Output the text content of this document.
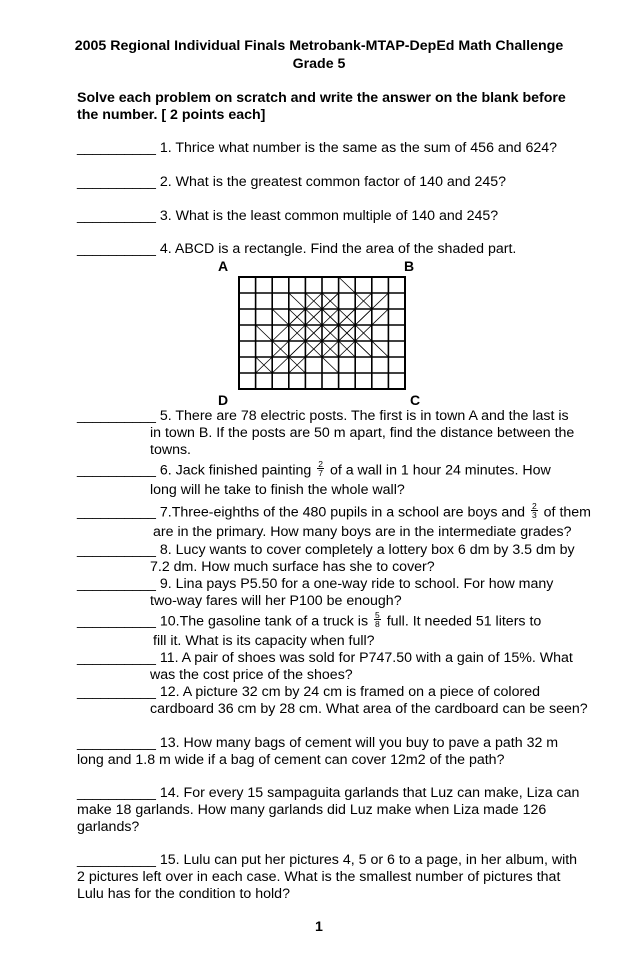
2005 Regional Individual Finals Metrobank-MTAP-DepEd Math Challenge
Grade 5
Solve each problem on scratch and write the answer on the blank before
the number. [ 2 points each]
__________ 1. Thrice what number is the same as the sum of 456 and 624?
__________ 2. What is the greatest common factor of 140 and 245?
__________ 3. What is the least common multiple of 140 and 245?
__________ 4. ABCD is a rectangle. Find the area of the shaded part.
A	B
D	C
__________ 5. There are 78 electric posts. The first is in town A and the last is
in town B. If the posts are 50 m apart, find the distance between the
towns.
__________ 6. Jack finished painting $\frac{2}{7}$ of a wall in 1 hour 24 minutes. How
long will he take to finish the whole wall?
__________ 7.Three-eighths of the 480 pupils in a school are boys and $\frac{2}{3}$ of them
are in the primary. How many boys are in the intermediate grades?
__________ 8. Lucy wants to cover completely a lottery box 6 dm by 3.5 dm by
7.2 dm. How much surface has she to cover?
__________ 9. Lina pays P5.50 for a one-way ride to school. For how many
two-way fares will her P100 be enough?
__________ 10.The gasoline tank of a truck is $\frac{5}{8}$ full. It needed 51 liters to
fill it. What is its capacity when full?
__________ 11. A pair of shoes was sold for P747.50 with a gain of 15%. What
was the cost price of the shoes?
__________ 12. A picture 32 cm by 24 cm is framed on a piece of colored
cardboard 36 cm by 28 cm. What area of the cardboard can be seen?
__________ 13. How many bags of cement will you buy to pave a path 32 m
long and 1.8 m wide if a bag of cement can cover 12m2 of the path?
__________ 14. For every 15 sampaguita garlands that Luz can make, Liza can
make 18 garlands. How many garlands did Luz make when Liza made 126
garlands?
__________ 15. Lulu can put her pictures 4, 5 or 6 to a page, in her album, with
2 pictures left over in each case. What is the smallest number of pictures that
Lulu has for the condition to hold?
1
